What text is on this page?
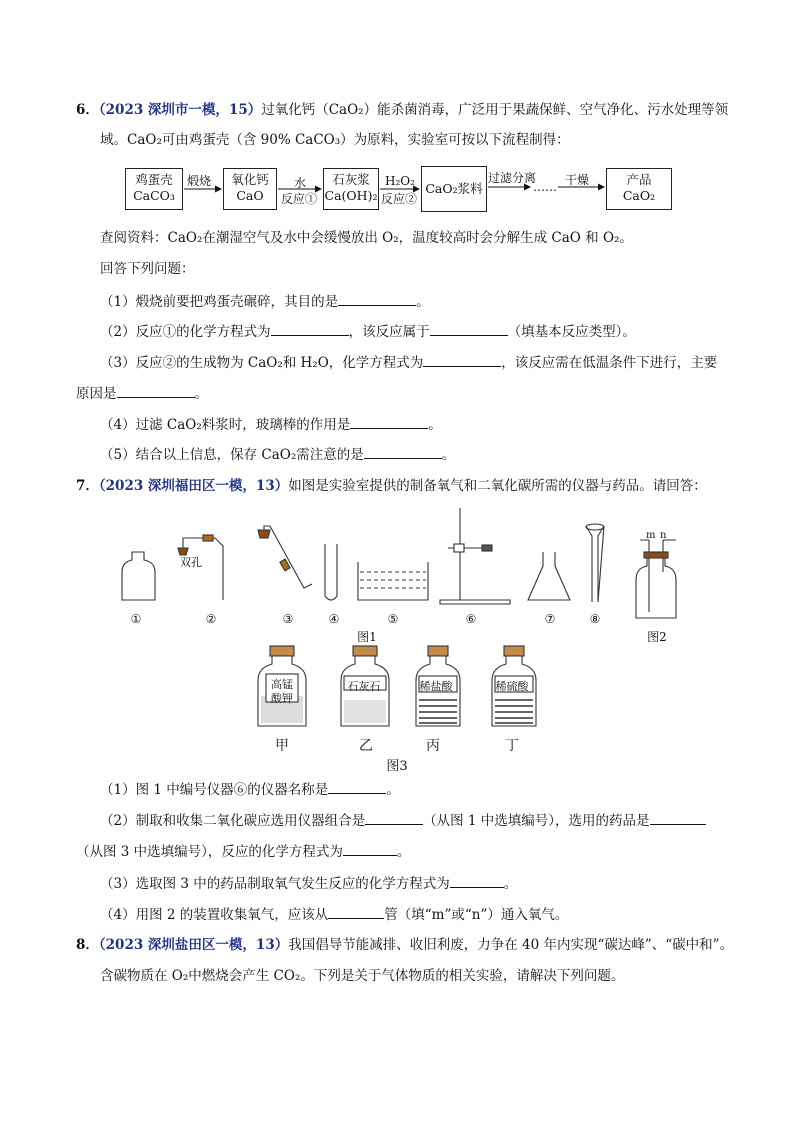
6．（2023 深圳市一模，15）过氧化钙（CaO₂）能杀菌消毒，广泛用于果蔬保鲜、空气净化、污水处理等领
域。CaO₂可由鸡蛋壳（含 90% CaCO₃）为原料，实验室可按以下流程制得：
鸡蛋壳
CaCO₃
氧化钙
CaO
石灰浆
Ca(OH)₂	CaO₂浆料
产品
CaO₂
煅烧	水
反应①
H₂O₂
反应②
过滤分离
…… 干燥
查阅资料：CaO₂在潮湿空气及水中会缓慢放出 O₂，温度较高时会分解生成 CaO 和 O₂。
回答下列问题：
（1）煅烧前要把鸡蛋壳碾碎，其目的是	。
（2）反应①的化学方程式为	，该反应属于	（填基本反应类型）。
（3）反应②的生成物为 CaO₂和 H₂O，化学方程式为	，该反应需在低温条件下进行，主要
原因是	。
（4）过滤 CaO₂料浆时，玻璃棒的作用是	。
（5）结合以上信息，保存 CaO₂需注意的是	。
7．（2023 深圳福田区一模，13）如图是实验室提供的制备氧气和二氧化碳所需的仪器与药品。请回答：
双孔
m n
①	②	③	④	⑤	⑥	⑦	⑧
图1	图2
高锰
酸钾
石灰石	稀盐酸	稀硫酸
甲	乙	丙	丁
图3
（1）图 1 中编号仪器⑥的仪器名称是	。
（2）制取和收集二氧化碳应选用仪器组合是	（从图 1 中选填编号），选用的药品是
（从图 3 中选填编号），反应的化学方程式为	。
（3）选取图 3 中的药品制取氧气发生反应的化学方程式为	。
（4）用图 2 的装置收集氧气，应该从	管（填“m”或“n”）通入氧气。
8．（2023 深圳盐田区一模，13）我国倡导节能减排、收旧利废，力争在 40 年内实现“碳达峰”、“碳中和”。
含碳物质在 O₂中燃烧会产生 CO₂。下列是关于气体物质的相关实验，请解决下列问题。
